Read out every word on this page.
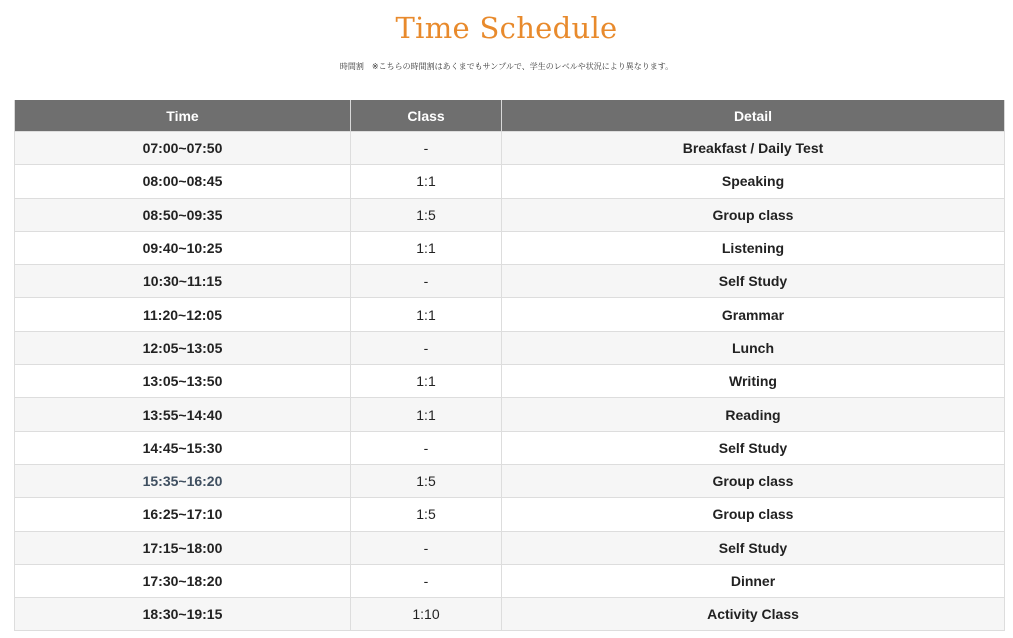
Time Schedule
時間割　※こちらの時間割はあくまでもサンプルで、学生のレベルや状況により異なります。
Time	Class	Detail
07:00~07:50	-	Breakfast / Daily Test
08:00~08:45	1:1	Speaking
08:50~09:35	1:5	Group class
09:40~10:25	1:1	Listening
10:30~11:15	-	Self Study
11:20~12:05	1:1	Grammar
12:05~13:05	-	Lunch
13:05~13:50	1:1	Writing
13:55~14:40	1:1	Reading
14:45~15:30	-	Self Study
15:35~16:20	1:5	Group class
16:25~17:10	1:5	Group class
17:15~18:00	-	Self Study
17:30~18:20	-	Dinner
18:30~19:15	1:10	Activity Class
